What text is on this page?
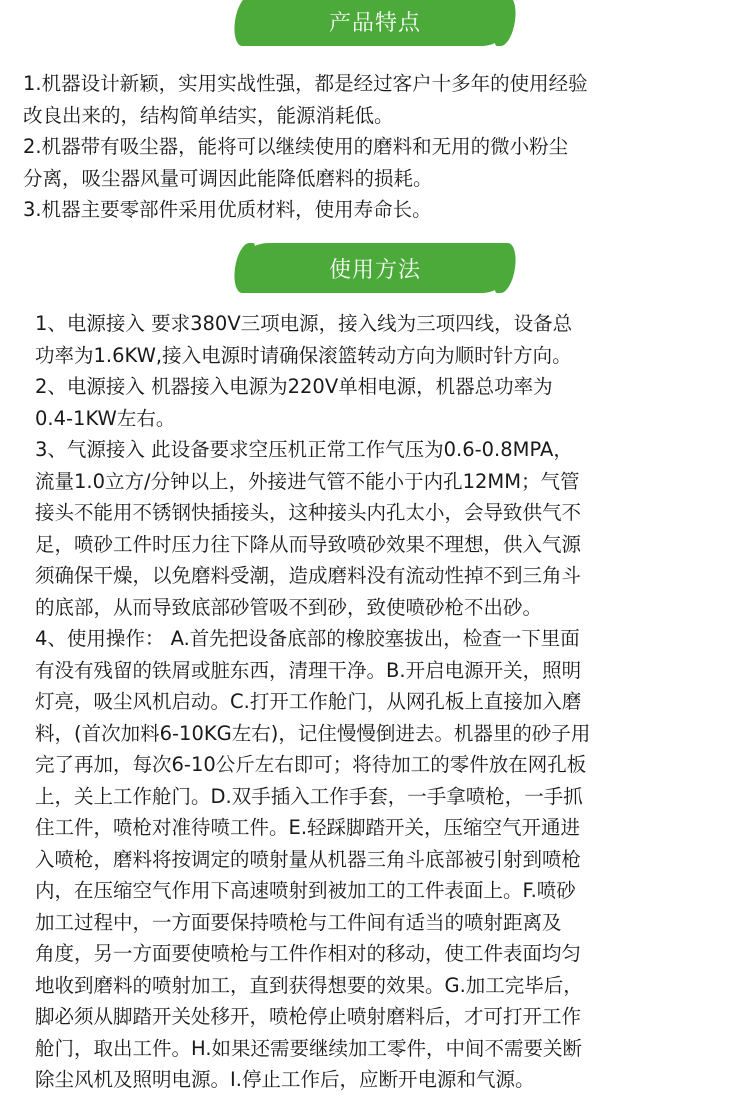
产品特点
1.机器设计新颖，实用实战性强，都是经过客户十多年的使用经验
改良出来的，结构简单结实，能源消耗低。
2.机器带有吸尘器，能将可以继续使用的磨料和无用的微小粉尘
分离，吸尘器风量可调因此能降低磨料的损耗。
3.机器主要零部件采用优质材料，使用寿命长。
使用方法
1、电源接入 要求380V三项电源，接入线为三项四线，设备总
功率为1.6KW,接入电源时请确保滚篮转动方向为顺时针方向。
2、电源接入 机器接入电源为220V单相电源，机器总功率为
0.4-1KW左右。
3、气源接入 此设备要求空压机正常工作气压为0.6-0.8MPA，
流量1.0立方/分钟以上，外接进气管不能小于内孔12MM；气管
接头不能用不锈钢快插接头，这种接头内孔太小，会导致供气不
足，喷砂工件时压力往下降从而导致喷砂效果不理想，供入气源
须确保干燥，以免磨料受潮，造成磨料没有流动性掉不到三角斗
的底部，从而导致底部砂管吸不到砂，致使喷砂枪不出砂。
4、使用操作： A.首先把设备底部的橡胶塞拔出，检查一下里面
有没有残留的铁屑或脏东西，清理干净。B.开启电源开关，照明
灯亮，吸尘风机启动。C.打开工作舱门，从网孔板上直接加入磨
料，(首次加料6-10KG左右)，记住慢慢倒进去。机器里的砂子用
完了再加，每次6-10公斤左右即可；将待加工的零件放在网孔板
上，关上工作舱门。D.双手插入工作手套，一手拿喷枪，一手抓
住工件，喷枪对准待喷工件。E.轻踩脚踏开关，压缩空气开通进
入喷枪，磨料将按调定的喷射量从机器三角斗底部被引射到喷枪
内，在压缩空气作用下高速喷射到被加工的工件表面上。F.喷砂
加工过程中，一方面要保持喷枪与工件间有适当的喷射距离及
角度，另一方面要使喷枪与工件作相对的移动，使工件表面均匀
地收到磨料的喷射加工，直到获得想要的效果。G.加工完毕后，
脚必须从脚踏开关处移开，喷枪停止喷射磨料后，才可打开工作
舱门，取出工件。H.如果还需要继续加工零件，中间不需要关断
除尘风机及照明电源。I.停止工作后，应断开电源和气源。
